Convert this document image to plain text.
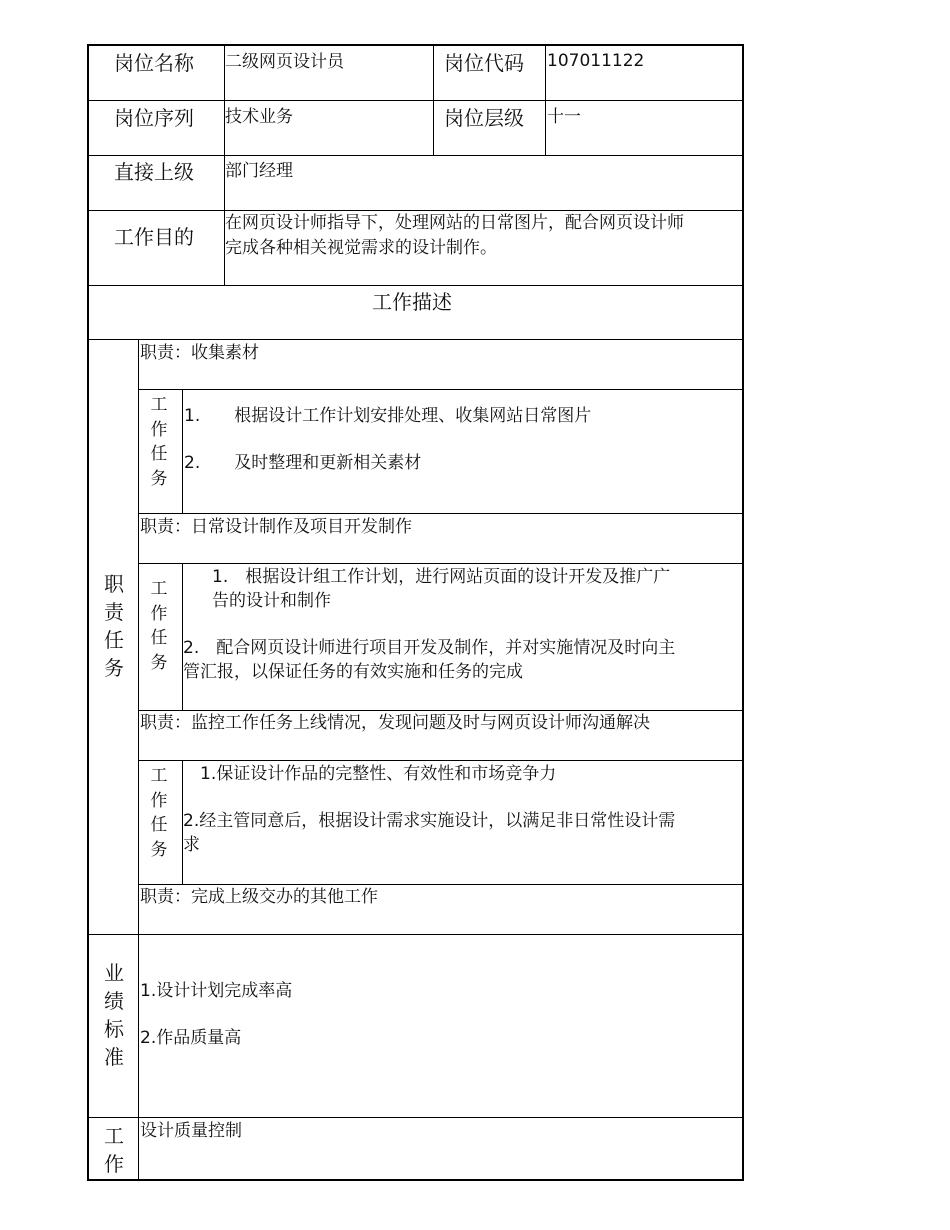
岗位名称 二级网页设计员	岗位代码 107011122
岗位序列 技术业务	岗位层级 十一
直接上级 部门经理
工作目的
在网页设计师指导下，处理网站的日常图片，配合网页设计师
完成各种相关视觉需求的设计制作。
工作描述
职
责
任
务
职责：收集素材
工
作
任
务
1.　　根据设计工作计划安排处理、收集网站日常图片
2.　　及时整理和更新相关素材
职责：日常设计制作及项目开发制作
工
作
任
务
1.　根据设计组工作计划，进行网站页面的设计开发及推广广
告的设计和制作
2.　配合网页设计师进行项目开发及制作，并对实施情况及时向主
管汇报，以保证任务的有效实施和任务的完成
职责：监控工作任务上线情况，发现问题及时与网页设计师沟通解决
工
作
任
务
1.保证设计作品的完整性、有效性和市场竞争力
2.经主管同意后，根据设计需求实施设计，以满足非日常性设计需
求
职责：完成上级交办的其他工作
业
绩
标
准
1.设计计划完成率高
2.作品质量高
工
作
设计质量控制
